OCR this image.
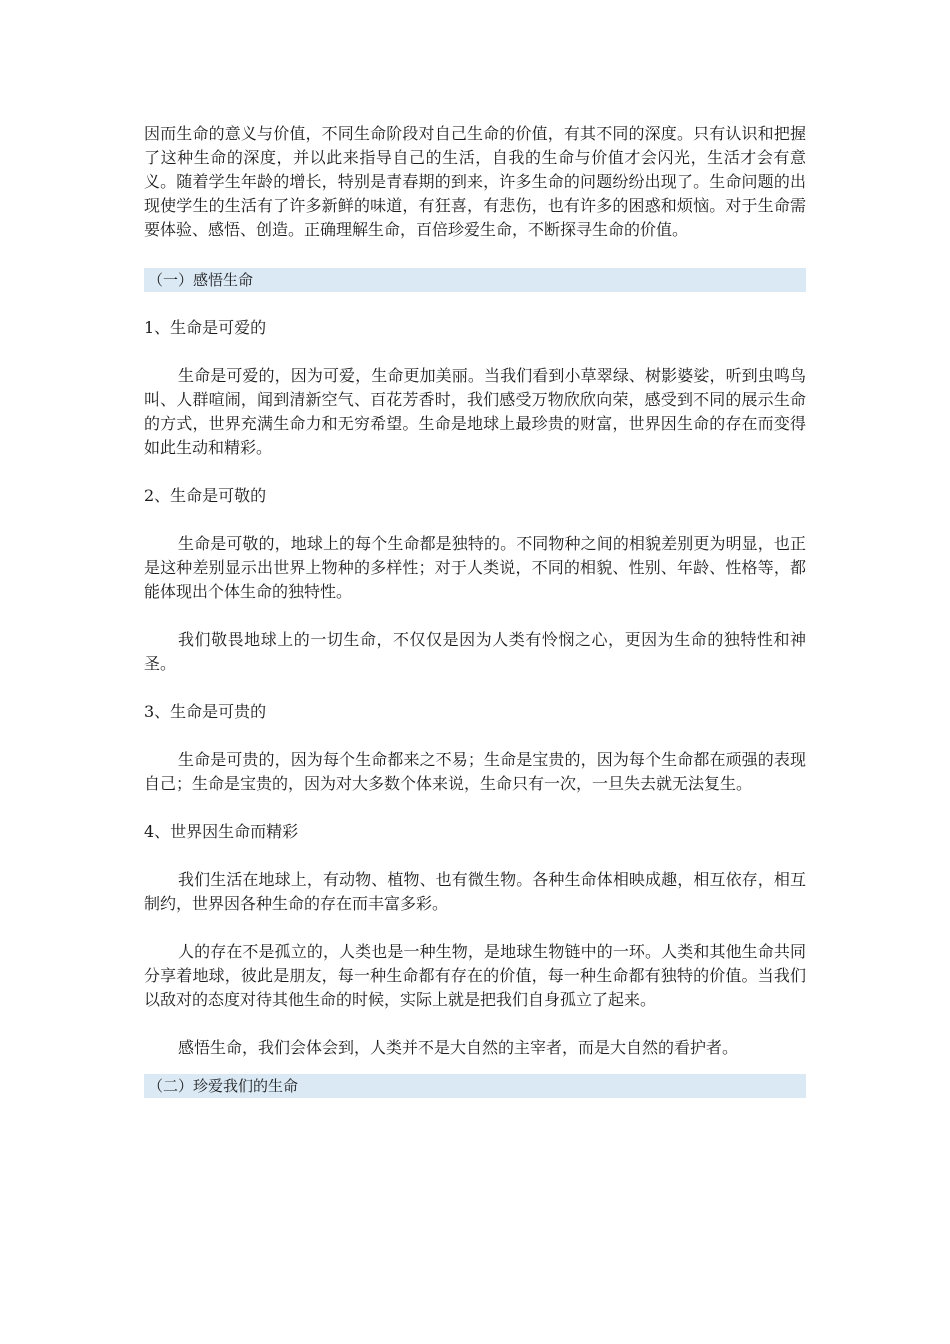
因而生命的意义与价值，不同生命阶段对自己生命的价值，有其不同的深度。只有认识和把握了这种生命的深度，并以此来指导自己的生活，自我的生命与价值才会闪光，生活才会有意义。随着学生年龄的增长，特别是青春期的到来，许多生命的问题纷纷出现了。生命问题的出现使学生的生活有了许多新鲜的味道，有狂喜，有悲伤，也有许多的困惑和烦恼。对于生命需要体验、感悟、创造。正确理解生命，百倍珍爱生命，不断探寻生命的价值。

（一）感悟生命
1、生命是可爱的

生命是可爱的，因为可爱，生命更加美丽。当我们看到小草翠绿、树影婆娑，听到虫鸣鸟叫、人群喧闹，闻到清新空气、百花芳香时，我们感受万物欣欣向荣，感受到不同的展示生命的方式，世界充满生命力和无穷希望。生命是地球上最珍贵的财富，世界因生命的存在而变得如此生动和精彩。

2、生命是可敬的

生命是可敬的，地球上的每个生命都是独特的。不同物种之间的相貌差别更为明显，也正是这种差别显示出世界上物种的多样性；对于人类说，不同的相貌、性别、年龄、性格等，都能体现出个体生命的独特性。

我们敬畏地球上的一切生命，不仅仅是因为人类有怜悯之心，更因为生命的独特性和神圣。

3、生命是可贵的

生命是可贵的，因为每个生命都来之不易；生命是宝贵的，因为每个生命都在顽强的表现自己；生命是宝贵的，因为对大多数个体来说，生命只有一次，一旦失去就无法复生。

4、世界因生命而精彩

我们生活在地球上，有动物、植物、也有微生物。各种生命体相映成趣，相互依存，相互制约，世界因各种生命的存在而丰富多彩。

人的存在不是孤立的，人类也是一种生物，是地球生物链中的一环。人类和其他生命共同分享着地球，彼此是朋友，每一种生命都有存在的价值，每一种生命都有独特的价值。当我们以敌对的态度对待其他生命的时候，实际上就是把我们自身孤立了起来。

感悟生命，我们会体会到，人类并不是大自然的主宰者，而是大自然的看护者。

（二）珍爱我们的生命
